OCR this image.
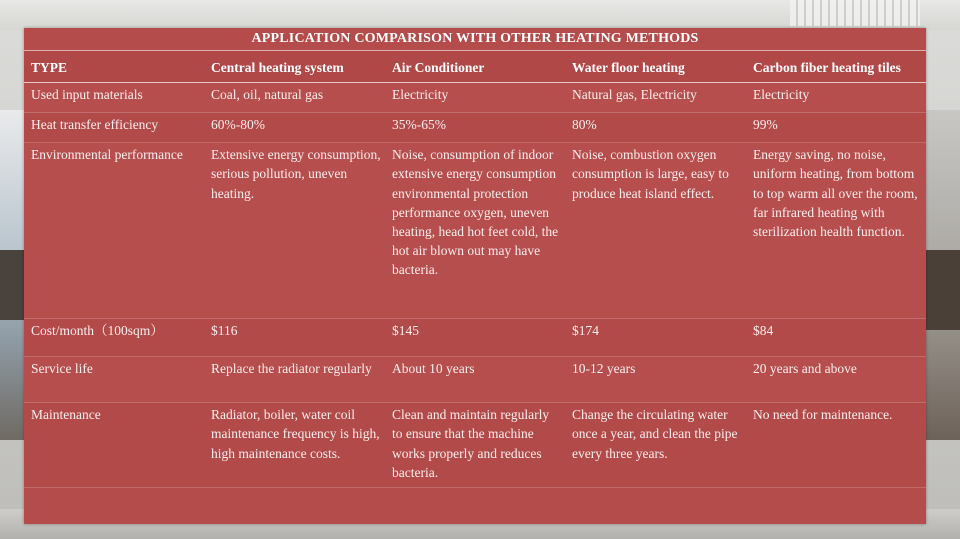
APPLICATION COMPARISON WITH OTHER HEATING METHODS
TYPE	Central heating system	Air Conditioner	Water floor heating	Carbon fiber heating tiles
Used input materials	Coal, oil, natural gas	Electricity	Natural gas, Electricity	Electricity
Heat transfer efficiency	60%-80%	35%-65%	80%	99%
Environmental performance	Extensive energy consumption, serious pollution, uneven heating.	Noise, consumption of indoor extensive energy consumption environmental protection performance oxygen, uneven heating, head hot feet cold, the hot air blown out may have bacteria.	Noise, combustion oxygen consumption is large, easy to produce heat island effect.	Energy saving, no noise, uniform heating, from bottom to top warm all over the room, far infrared heating with sterilization health function.
Cost/month（100sqm）	$116	$145	$174	$84
Service life	Replace the radiator regularly	About 10 years	10-12 years	20 years and above
Maintenance	Radiator, boiler, water coil maintenance frequency is high, high maintenance costs.	Clean and maintain regularly to ensure that the machine works properly and reduces bacteria.	Change the circulating water once a year, and clean the pipe every three years.	No need for maintenance.
